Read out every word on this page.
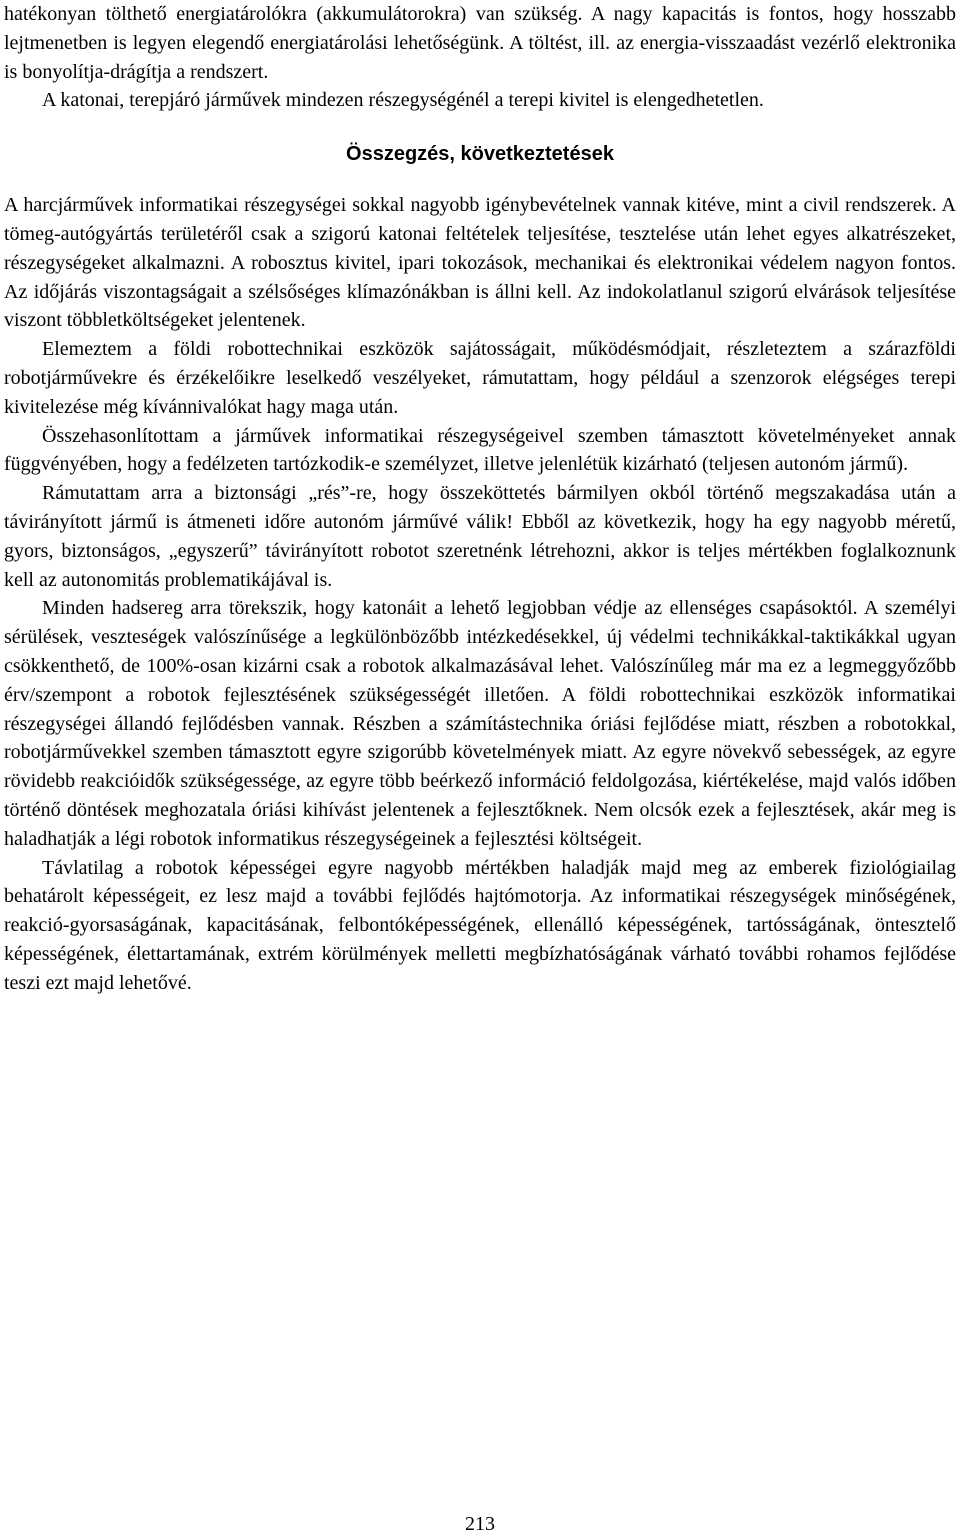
hatékonyan tölthető energiatárolókra (akkumulátorokra) van szükség. A nagy kapacitás is fontos, hogy hosszabb lejtmenetben is legyen elegendő energiatárolási lehetőségünk. A töltést, ill. az energia-visszaadást vezérlő elektronika is bonyolítja-drágítja a rendszert.

A katonai, terepjáró járművek mindezen részegységénél a terepi kivitel is elengedhetetlen.

Összegzés, következtetések

A harcjárművek informatikai részegységei sokkal nagyobb igénybevételnek vannak kitéve, mint a civil rendszerek. A tömeg-autógyártás területéről csak a szigorú katonai feltételek teljesítése, tesztelése után lehet egyes alkatrészeket, részegységeket alkalmazni. A robosztus kivitel, ipari tokozások, mechanikai és elektronikai védelem nagyon fontos. Az időjárás viszontagságait a szélsőséges klímazónákban is állni kell. Az indokolatlanul szigorú elvárások teljesítése viszont többletköltségeket jelentenek.

Elemeztem a földi robottechnikai eszközök sajátosságait, működésmódjait, részleteztem a szárazföldi robotjárművekre és érzékelőikre leselkedő veszélyeket, rámutattam, hogy például a szenzorok elégséges terepi kivitelezése még kívánnivalókat hagy maga után.

Összehasonlítottam a járművek informatikai részegységeivel szemben támasztott követelményeket annak függvényében, hogy a fedélzeten tartózkodik-e személyzet, illetve jelenlétük kizárható (teljesen autonóm jármű).

Rámutattam arra a biztonsági „rés”-re, hogy összeköttetés bármilyen okból történő megszakadása után a távirányított jármű is átmeneti időre autonóm járművé válik! Ebből az következik, hogy ha egy nagyobb méretű, gyors, biztonságos, „egyszerű” távirányított robotot szeretnénk létrehozni, akkor is teljes mértékben foglalkoznunk kell az autonomitás problematikájával is.

Minden hadsereg arra törekszik, hogy katonáit a lehető legjobban védje az ellenséges csapásoktól. A személyi sérülések, veszteségek valószínűsége a legkülönbözőbb intézkedésekkel, új védelmi technikákkal-taktikákkal ugyan csökkenthető, de 100%-osan kizárni csak a robotok alkalmazásával lehet. Valószínűleg már ma ez a legmeggyőzőbb érv/szempont a robotok fejlesztésének szükségességét illetően. A földi robottechnikai eszközök informatikai részegységei állandó fejlődésben vannak. Részben a számítástechnika óriási fejlődése miatt, részben a robotokkal, robotjárművekkel szemben támasztott egyre szigorúbb követelmények miatt. Az egyre növekvő sebességek, az egyre rövidebb reakcióidők szükségessége, az egyre több beérkező információ feldolgozása, kiértékelése, majd valós időben történő döntések meghozatala óriási kihívást jelentenek a fejlesztőknek. Nem olcsók ezek a fejlesztések, akár meg is haladhatják a légi robotok informatikus részegységeinek a fejlesztési költségeit.

Távlatilag a robotok képességei egyre nagyobb mértékben haladják majd meg az emberek fiziológiailag behatárolt képességeit, ez lesz majd a további fejlődés hajtómotorja. Az informatikai részegységek minőségének, reakció-gyorsaságának, kapacitásának, felbontóképességének, ellenálló képességének, tartósságának, öntesztelő képességének, élettartamának, extrém körülmények melletti megbízhatóságának várható további rohamos fejlődése teszi ezt majd lehetővé.

213
